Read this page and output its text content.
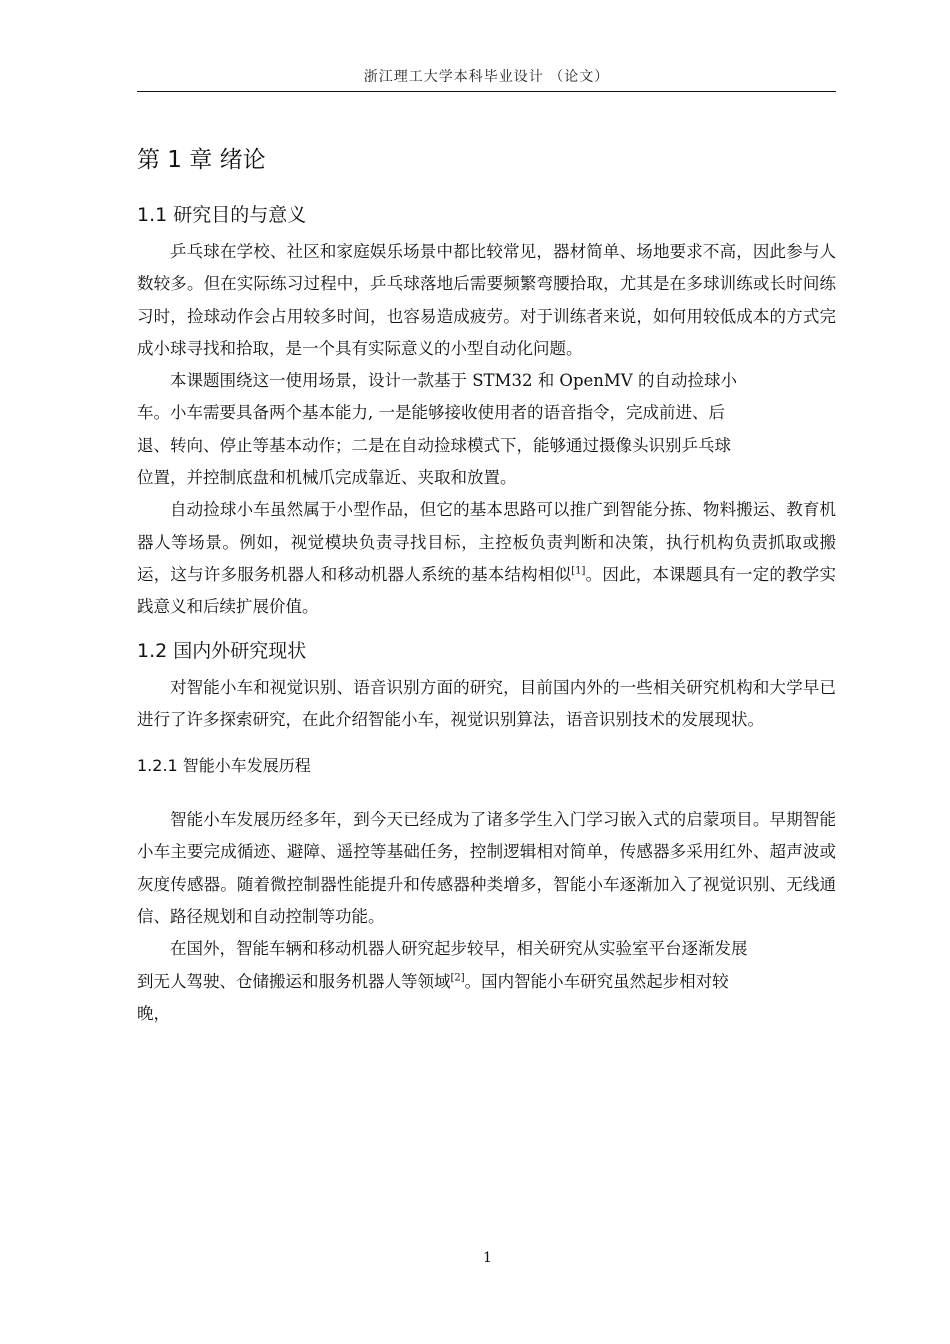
浙江理工大学本科毕业设计 （论文）
第 1 章 绪论
1.1 研究目的与意义

乒乓球在学校、社区和家庭娱乐场景中都比较常见，器材简单、场地要求不高，因此参与人数较多。但在实际练习过程中，乒乓球落地后需要频繁弯腰拾取，尤其是在多球训练或长时间练习时，捡球动作会占用较多时间，也容易造成疲劳。对于训练者来说，如何用较低成本的方式完成小球寻找和拾取，是一个具有实际意义的小型自动化问题。

本课题围绕这一使用场景，设计一款基于 STM32 和 OpenMV 的自动捡球小
车。小车需要具备两个基本能力, 一是能够接收使用者的语音指令，完成前进、后
退、转向、停止等基本动作；二是在自动捡球模式下，能够通过摄像头识别乒乓球
位置，并控制底盘和机械爪完成靠近、夹取和放置。

自动捡球小车虽然属于小型作品，但它的基本思路可以推广到智能分拣、物料搬运、教育机器人等场景。例如，视觉模块负责寻找目标，主控板负责判断和决策，执行机构负责抓取或搬运，这与许多服务机器人和移动机器人系统的基本结构相似[1]。因此，本课题具有一定的教学实践意义和后续扩展价值。

1.2 国内外研究现状

对智能小车和视觉识别、语音识别方面的研究，目前国内外的一些相关研究机构和大学早已进行了许多探索研究，在此介绍智能小车，视觉识别算法，语音识别技术的发展现状。

1.2.1 智能小车发展历程

智能小车发展历经多年，到今天已经成为了诸多学生入门学习嵌入式的启蒙项目。早期智能小车主要完成循迹、避障、遥控等基础任务，控制逻辑相对简单，传感器多采用红外、超声波或灰度传感器。随着微控制器性能提升和传感器种类增多，智能小车逐渐加入了视觉识别、无线通信、路径规划和自动控制等功能。

在国外，智能车辆和移动机器人研究起步较早，相关研究从实验室平台逐渐发展
到无人驾驶、仓储搬运和服务机器人等领域[2]。国内智能小车研究虽然起步相对较
晚，

1
